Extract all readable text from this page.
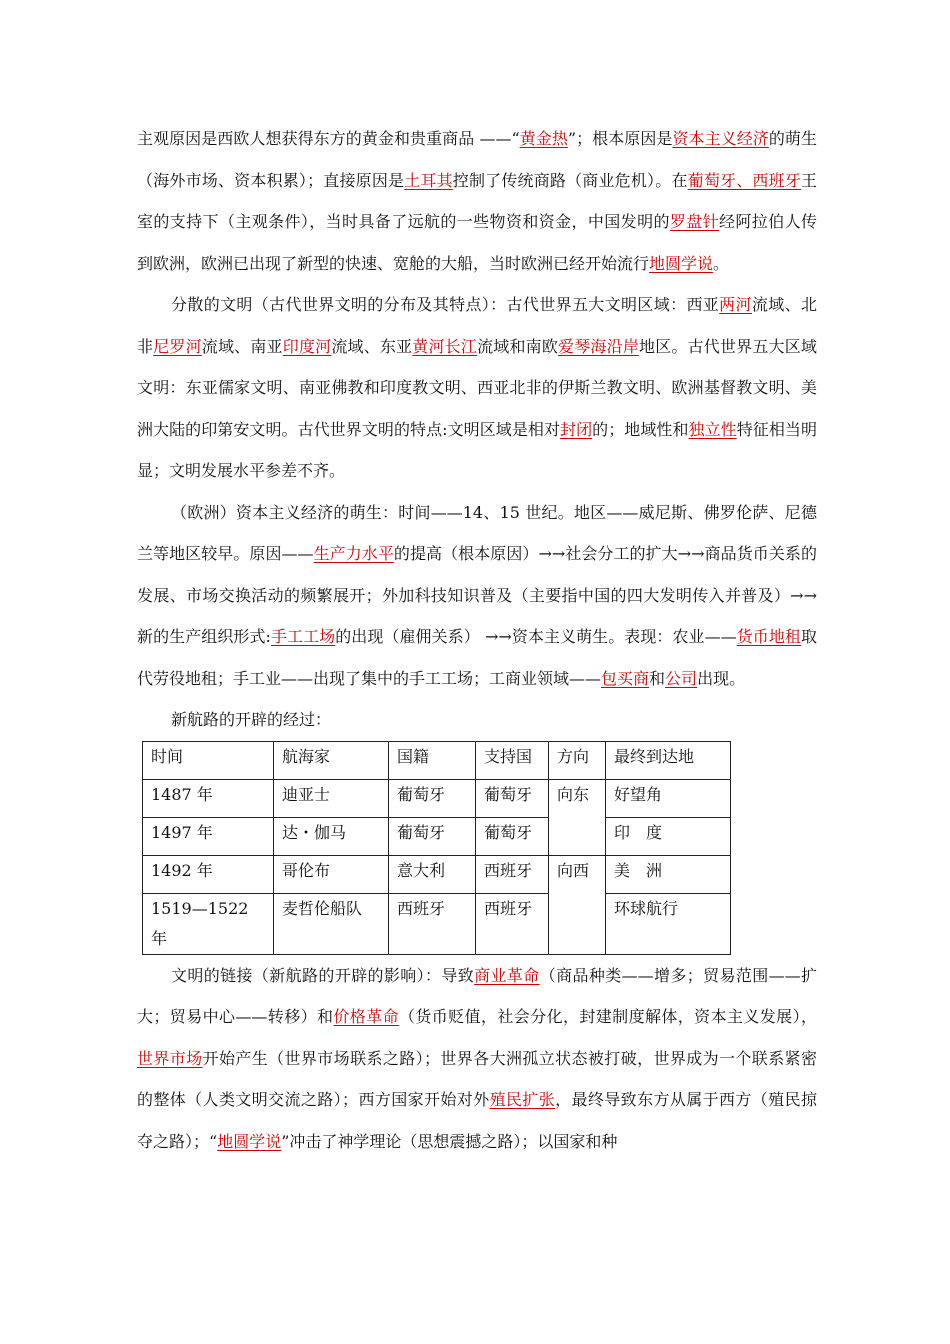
主观原因是西欧人想获得东方的黄金和贵重商品 ——“黄金热”；根本原因是资本主义经济的萌生（海外市场、资本积累）；直接原因是土耳其控制了传统商路（商业危机）。在葡萄牙、西班牙王室的支持下（主观条件），当时具备了远航的一些物资和资金，中国发明的罗盘针经阿拉伯人传到欧洲，欧洲已出现了新型的快速、宽舱的大船，当时欧洲已经开始流行地圆学说。

分散的文明（古代世界文明的分布及其特点）：古代世界五大文明区域：西亚两河流域、北非尼罗河流域、南亚印度河流域、东亚黄河长江流域和南欧爱琴海沿岸地区。古代世界五大区域文明：东亚儒家文明、南亚佛教和印度教文明、西亚北非的伊斯兰教文明、欧洲基督教文明、美洲大陆的印第安文明。古代世界文明的特点:文明区域是相对封闭的；地域性和独立性特征相当明显；文明发展水平参差不齐。

（欧洲）资本主义经济的萌生：时间——14、15 世纪。地区——威尼斯、佛罗伦萨、尼德兰等地区较早。原因——生产力水平的提高（根本原因）→→社会分工的扩大→→商品货币关系的发展、市场交换活动的频繁展开；外加科技知识普及（主要指中国的四大发明传入并普及）→→新的生产组织形式:手工工场的出现（雇佣关系） →→资本主义萌生。表现：农业——货币地租取代劳役地租；手工业——出现了集中的手工工场；工商业领域——包买商和公司出现。

新航路的开辟的经过：

时间	航海家	国籍	支持国	方向	最终到达地
1487 年	迪亚士	葡萄牙	葡萄牙	向东	好望角
1497 年	达・伽马	葡萄牙	葡萄牙		印　度
1492 年	哥伦布	意大利	西班牙	向西	美　洲
1519—1522 年	麦哲伦船队	西班牙	西班牙		环球航行

文明的链接（新航路的开辟的影响）：导致商业革命（商品种类——增多；贸易范围——扩大；贸易中心——转移）和价格革命（货币贬值，社会分化，封建制度解体，资本主义发展），世界市场开始产生（世界市场联系之路）；世界各大洲孤立状态被打破，世界成为一个联系紧密的整体（人类文明交流之路）；西方国家开始对外殖民扩张，最终导致东方从属于西方（殖民掠夺之路）；“地圆学说”冲击了神学理论（思想震撼之路）；以国家和种
